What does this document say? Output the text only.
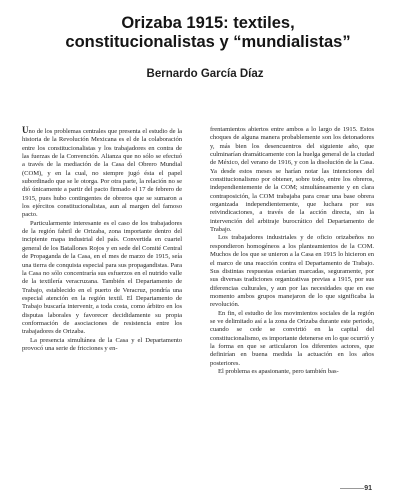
Orizaba 1915: textiles, constitucionalistas y “mundialistas”
Bernardo García Díaz

Uno de los problemas centrales que presenta el estudio de la historia de la Revolución Mexicana es el de la colaboración entre los constitucionalistas y los trabajadores en contra de las fuerzas de la Convención. Alianza que no sólo se efectuó a través de la mediación de la Casa del Obrero Mundial (COM), y en la cual, no siempre jugó ésta el papel subordinado que se le otorga. Por otra parte, la relación no se dió únicamente a partir del pacto firmado el 17 de febrero de 1915, pues hubo contingentes de obreros que se sumaron a los ejércitos constitucionalistas, aun al margen del famoso pacto.

Particularmente interesante es el caso de los trabajadores de la región fabril de Orizaba, zona importante dentro del incipiente mapa industrial del país. Convertida en cuartel general de los Batallones Rojos y en sede del Comité Central de Propaganda de la Casa, en el mes de marzo de 1915, seía una tierra de conquista especial para sus propagandistas. Para la Casa no sólo concentraría sus esfuerzos en el nutrido valle de la textilería veracruzana. También el Departamento de Trabajo, establecido en el puerto de Veracruz, pondría una especial atención en la región textil. El Departamento de Trabajo buscaría intervenir, a toda costa, como árbitro en los disputas laborales y favorecer decididamente su propia conformación de asociaciones de resistencia entre los trabajadores de Orizaba.

La presencia simultánea de la Casa y el Departamento provocó una serie de fricciones y en-

frentamientos abiertos entre ambos a lo largo de 1915. Estos choques de alguna manera probablemente son los detonadores y, más bien los desencuentros del siguiente año, que culminarían dramáticamente con la huelga general de la ciudad de México, del verano de 1916, y con la disolución de la Casa. Ya desde estos meses se harían notar las intenciones del constitucionalismo por obtener, sobre todo, entre los obreros, independientemente de la COM; simultáneamente y en clara contraposición, la COM trabajaba para crear una base obrera organizada independientemente, que luchara por sus reivindicaciones, a través de la acción directa, sin la intervención del arbitraje burocrático del Departamento de Trabajo.

Los trabajadores industriales y de oficio orizabeños no respondieron homogéneos a los planteamientos de la COM. Muchos de los que se unieron a la Casa en 1915 lo hicieron en el marco de una reacción contra el Departamento de Trabajo. Sus distintas respuestas estarían marcadas, seguramente, por sus diversas tradiciones organizativas previas a 1915, por sus diferencias culturales, y aun por las necesidades que en ese momento ambos grupos manejaron de lo que significaba la revolución.

En fin, el estudio de los movimientos sociales de la región se ve delimitado así a la zona de Orizaba durante este periodo, cuando se cede se convirtió en la capital del constitucionalismo, es importante detenerse en lo que ocurrió y la forma en que se articularon los diferentes actores, que definirían en buena medida la actuación en los años posteriores.

El problema es apasionante, pero también bas-

91
